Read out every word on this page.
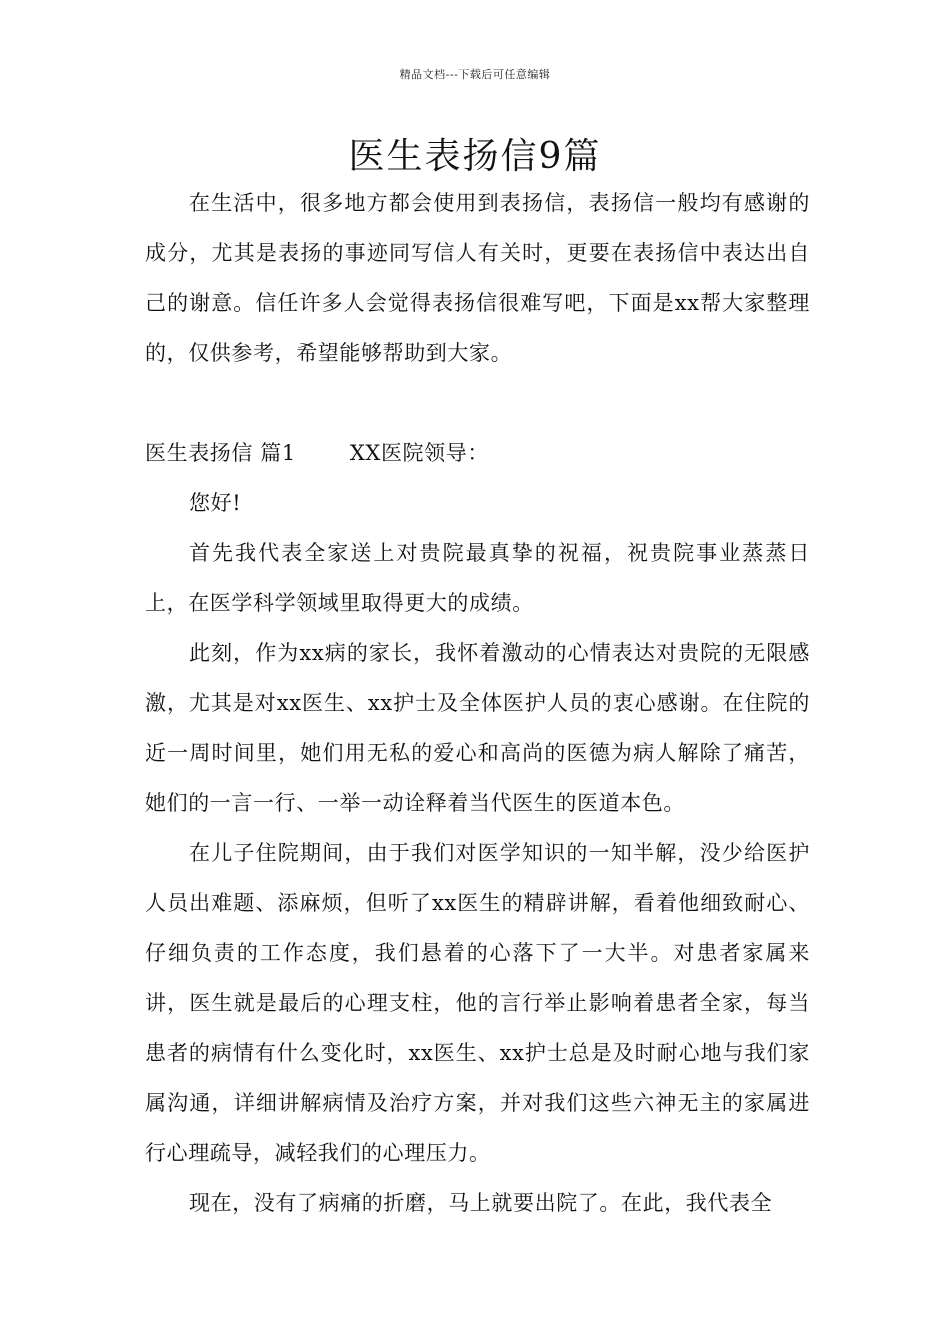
精品文档---下载后可任意编辑
医生表扬信9篇

在生活中，很多地方都会使用到表扬信，表扬信一般均有感谢的成分，尤其是表扬的事迹同写信人有关时，更要在表扬信中表达出自己的谢意。信任许多人会觉得表扬信很难写吧，下面是xx帮大家整理的，仅供参考，希望能够帮助到大家。

医生表扬信 篇1	XX医院领导：

您好!

首先我代表全家送上对贵院最真挚的祝福，祝贵院事业蒸蒸日上，在医学科学领域里取得更大的成绩。

此刻，作为xx病的家长，我怀着激动的心情表达对贵院的无限感激，尤其是对xx医生、xx护士及全体医护人员的衷心感谢。在住院的近一周时间里，她们用无私的爱心和高尚的医德为病人解除了痛苦，她们的一言一行、一举一动诠释着当代医生的医道本色。

在儿子住院期间，由于我们对医学知识的一知半解，没少给医护人员出难题、添麻烦，但听了xx医生的精辟讲解，看着他细致耐心、仔细负责的工作态度，我们悬着的心落下了一大半。对患者家属来讲，医生就是最后的心理支柱，他的言行举止影响着患者全家，每当患者的病情有什么变化时，xx医生、xx护士总是及时耐心地与我们家属沟通，详细讲解病情及治疗方案，并对我们这些六神无主的家属进行心理疏导，减轻我们的心理压力。

现在，没有了病痛的折磨，马上就要出院了。在此，我代表全
